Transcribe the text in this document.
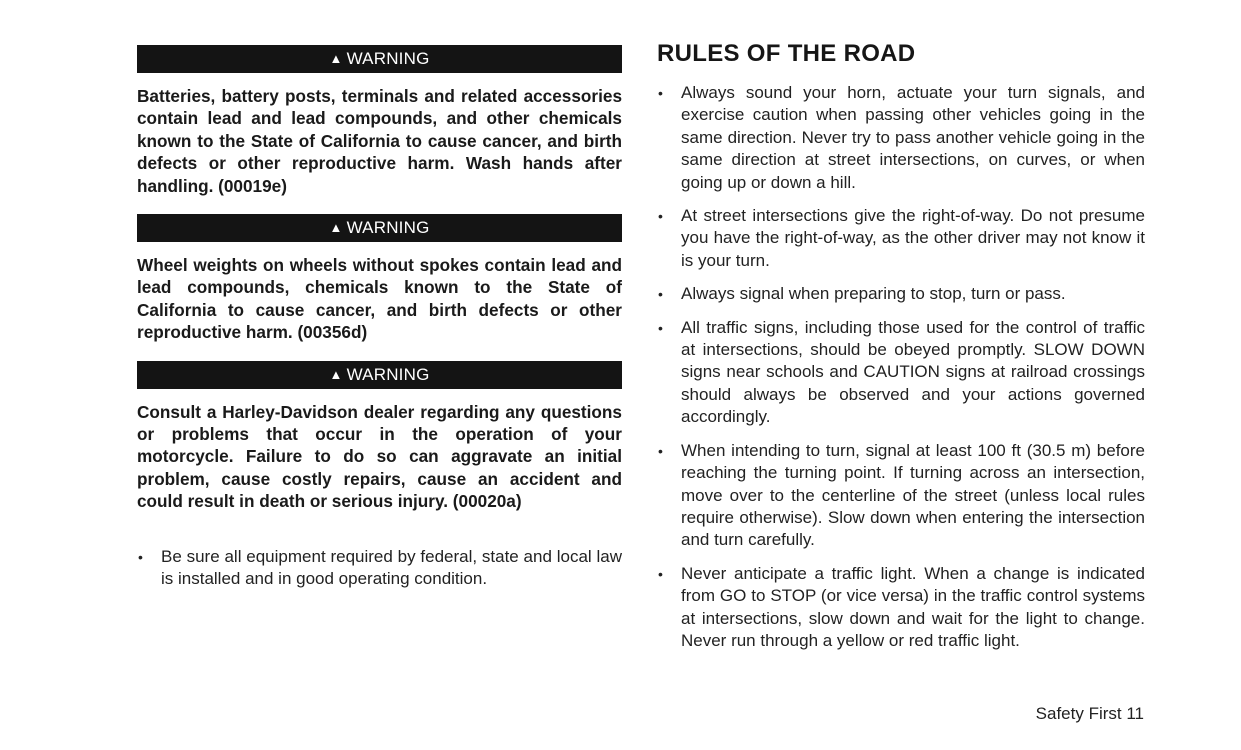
▲ WARNING

Batteries, battery posts, terminals and related accessories contain lead and lead compounds, and other chemicals known to the State of California to cause cancer, and birth defects or other reproductive harm. Wash hands after handling. (00019e)

▲ WARNING

Wheel weights on wheels without spokes contain lead and lead compounds, chemicals known to the State of California to cause cancer, and birth defects or other reproductive harm. (00356d)

▲ WARNING

Consult a Harley-Davidson dealer regarding any questions or problems that occur in the operation of your motorcycle. Failure to do so can aggravate an initial problem, cause costly repairs, cause an accident and could result in death or serious injury. (00020a)

• Be sure all equipment required by federal, state and local law is installed and in good operating condition.
RULES OF THE ROAD
• Always sound your horn, actuate your turn signals, and exercise caution when passing other vehicles going in the same direction. Never try to pass another vehicle going in the same direction at street intersections, on curves, or when going up or down a hill.
• At street intersections give the right-of-way. Do not presume you have the right-of-way, as the other driver may not know it is your turn.
• Always signal when preparing to stop, turn or pass.
• All traffic signs, including those used for the control of traffic at intersections, should be obeyed promptly. SLOW DOWN signs near schools and CAUTION signs at railroad crossings should always be observed and your actions governed accordingly.
• When intending to turn, signal at least 100 ft (30.5 m) before reaching the turning point. If turning across an intersection, move over to the centerline of the street (unless local rules require otherwise). Slow down when entering the intersection and turn carefully.
• Never anticipate a traffic light. When a change is indicated from GO to STOP (or vice versa) in the traffic control systems at intersections, slow down and wait for the light to change. Never run through a yellow or red traffic light.
Safety First 11
